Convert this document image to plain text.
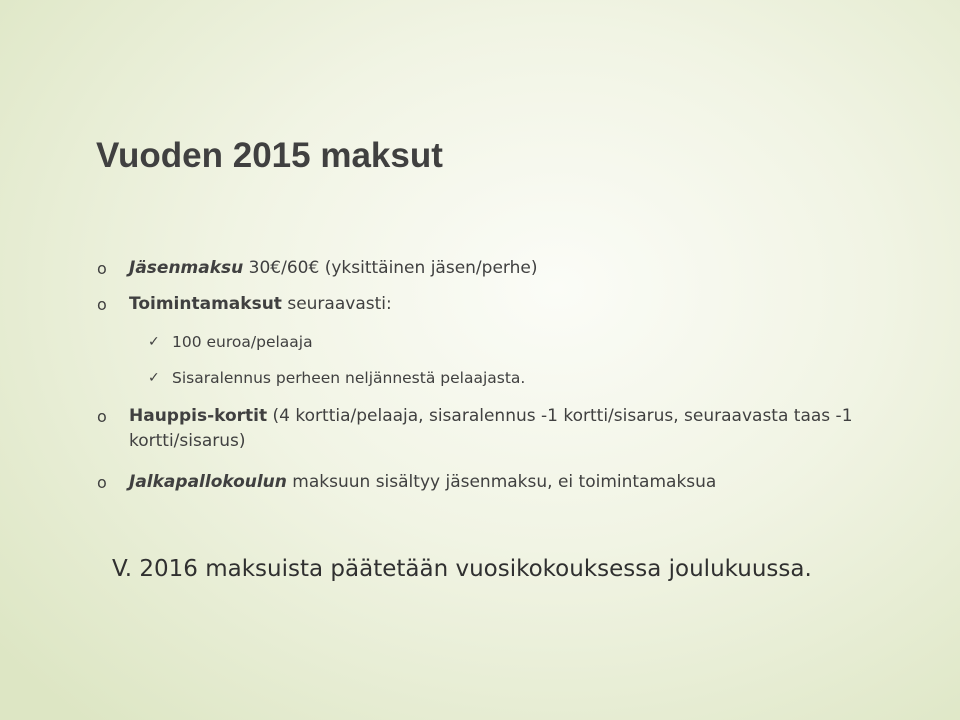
Vuoden 2015 maksut
o Jäsenmaksu 30€/60€ (yksittäinen jäsen/perhe)
o Toimintamaksut seuraavasti:
✓ 100 euroa/pelaaja
✓ Sisaralennus perheen neljännestä pelaajasta.
o Hauppis-kortit (4 korttia/pelaaja, sisaralennus -1 kortti/sisarus, seuraavasta taas -1 kortti/sisarus)
o Jalkapallokoulun maksuun sisältyy jäsenmaksu, ei toimintamaksua
V. 2016 maksuista päätetään vuosikokouksessa joulukuussa.
